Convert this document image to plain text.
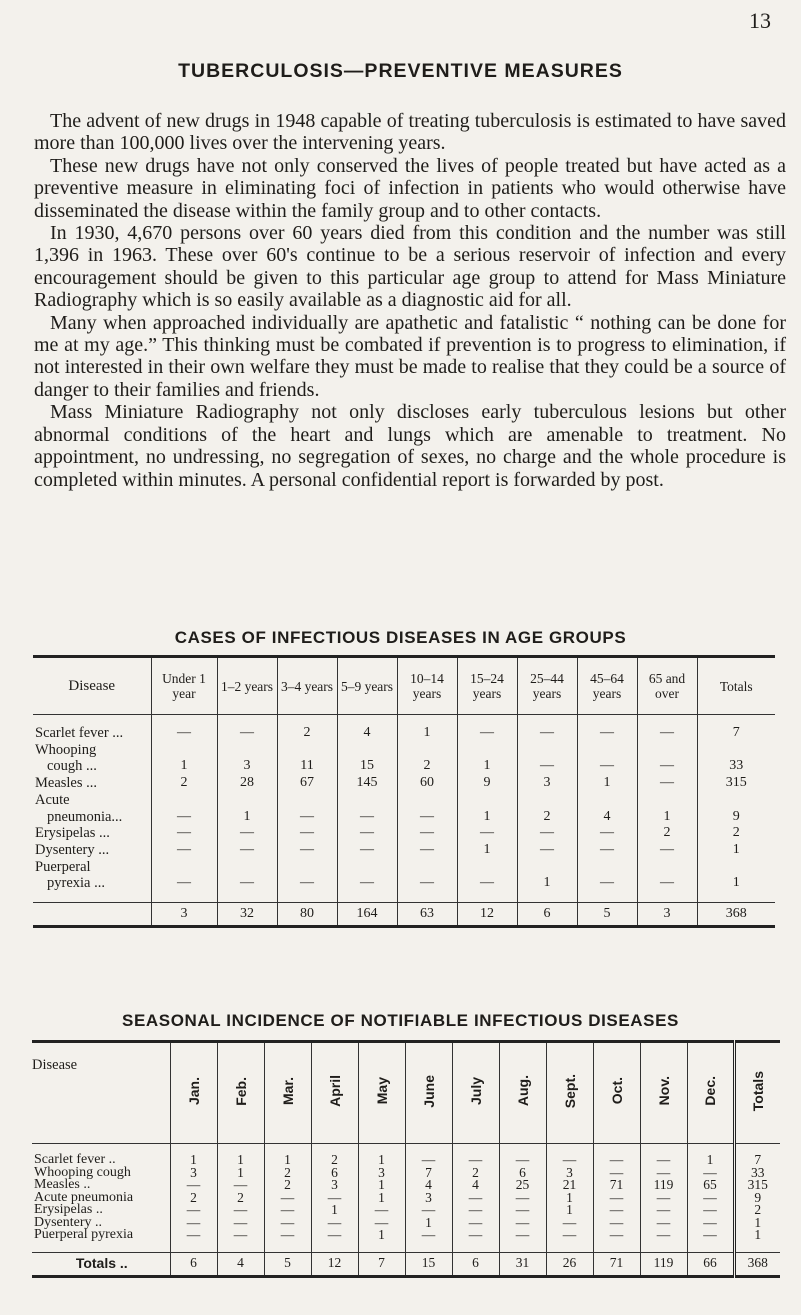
13
TUBERCULOSIS—PREVENTIVE MEASURES

The advent of new drugs in 1948 capable of treating tuberculosis is estimated to have saved more than 100,000 lives over the intervening years.

These new drugs have not only conserved the lives of people treated but have acted as a preventive measure in eliminating foci of infection in patients who would otherwise have disseminated the disease within the family group and to other contacts.

In 1930, 4,670 persons over 60 years died from this condition and the number was still 1,396 in 1963. These over 60's continue to be a serious reservoir of infection and every encouragement should be given to this particular age group to attend for Mass Miniature Radiography which is so easily available as a diagnostic aid for all.

Many when approached individually are apathetic and fatalistic “ nothing can be done for me at my age.” This thinking must be combated if prevention is to progress to elimination, if not interested in their own welfare they must be made to realise that they could be a source of danger to their families and friends.

Mass Miniature Radiography not only discloses early tuberculous lesions but other abnormal conditions of the heart and lungs which are amenable to treatment. No appointment, no undressing, no segregation of sexes, no charge and the whole procedure is completed within minutes. A personal confidential report is forwarded by post.

CASES OF INFECTIOUS DISEASES IN AGE GROUPS
Disease	Under 1 year	1–2 years	3–4 years	5–9 years	10–14 years	15–24 years	25–44 years	45–64 years	65 and over	Totals

Scarlet fever ...	—	—	2	4	1	—	—	—	—	7
Whooping										
cough ...	1	3	11	15	2	1	—	—	—	33
Measles ...	2	28	67	145	60	9	3	1	—	315
Acute										
pneumonia...	—	1	—	—	—	1	2	4	1	9
Erysipelas ...	—	—	—	—	—	—	—	—	2	2
Dysentery ...	—	—	—	—	—	1	—	—	—	1
Puerperal										
pyrexia ...	—	—	—	—	—	—	1	—	—	1

	3	32	80	164	63	12	6	5	3	368
SEASONAL INCIDENCE OF NOTIFIABLE INFECTIOUS DISEASES
Disease	Jan.	Feb.	Mar.	April	May	June	July	Aug.	Sept.	Oct.	Nov.	Dec.	Totals
Scarlet fever ..	1	1	1	2	1	—	—	—	—	—	—	1	7
Whooping cough	3	1	2	6	3	7	2	6	3	—	—	—	33
Measles ..	—	—	2	3	1	4	4	25	21	71	119	65	315
Acute pneumonia	2	2	—	—	1	3	—	—	1	—	—	—	9
Erysipelas ..	—	—	—	1	—	—	—	—	1	—	—	—	2
Dysentery ..	—	—	—	—	—	1	—	—	—	—	—	—	1
Puerperal pyrexia	—	—	—	—	1	—	—	—	—	—	—	—	1

Totals ..	6	4	5	12	7	15	6	31	26	71	119	66	368
